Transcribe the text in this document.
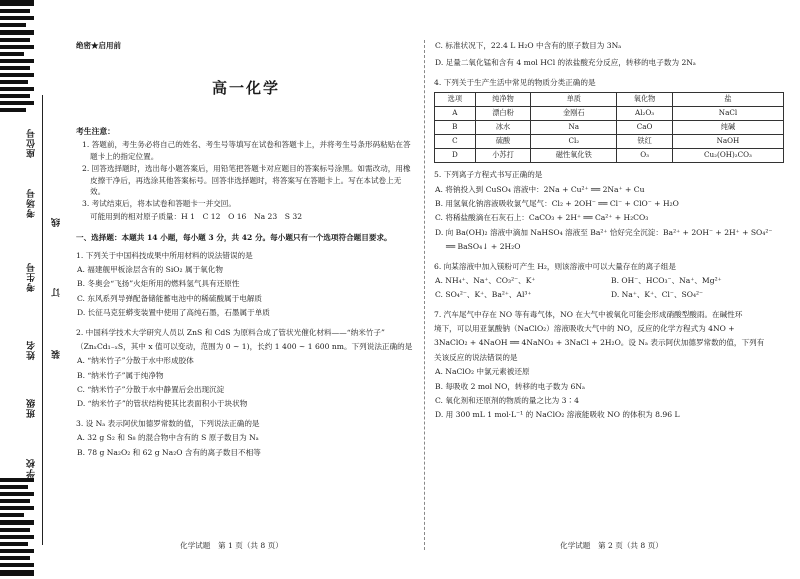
座位号
考场号
考生号
姓名
班级
学校
线
订
装
绝密★启用前
高一化学
考生注意：

1. 答题前，考生务必将自己的姓名、考生号等填写在试卷和答题卡上，并将考生号条形码粘贴在答题卡上的指定位置。

2. 回答选择题时，选出每小题答案后，用铅笔把答题卡对应题目的答案标号涂黑。如需改动，用橡皮擦干净后，再选涂其他答案标号。回答非选择题时，将答案写在答题卡上。写在本试卷上无效。

3. 考试结束后，将本试卷和答题卡一并交回。

可能用到的相对原子质量：H 1　C 12　O 16　Na 23　S 32

一、选择题：本题共 14 小题，每小题 3 分，共 42 分。每小题只有一个选项符合题目要求。
1. 下列关于中国科技成果中所用材料的说法错误的是
A. 福建舰甲板涂层含有的 SiO₂ 属于氧化物
B. 冬奥会“飞扬”火炬所用的燃料氢气具有还原性
C. 东风系列导弹配备储能蓄电池中的稀硫酸属于电解质
D. 长征马克狂蟒变装置中使用了高纯石墨，石墨属于单质
2. 中国科学技术大学研究人员以 ZnS 和 CdS 为原料合成了管状光催化材料——“纳米竹子”
（ZnₓCd₁₋ₓS，其中 x 值可以变动，范围为 0 ~ 1)，长约 1 400 ~ 1 600 nm。下列说法正确的是
A. “纳米竹子”分散于水中形成胶体
B. “纳米竹子”属于纯净物
C. “纳米竹子”分散于水中静置后会出现沉淀
D. “纳米竹子”的管状结构使其比表面积小于块状物
3. 设 Nₐ 表示阿伏加德罗常数的值，下列说法正确的是
A. 32 g S₂ 和 S₈ 的混合物中含有的 S 原子数目为 Nₐ
B. 78 g Na₂O₂ 和 62 g Na₂O 含有的离子数目不相等
化学试题　第 1 页（共 8 页）
C. 标准状况下，22.4 L H₂O 中含有的原子数目为 3Nₐ
D. 足量二氧化锰和含有 4 mol HCl 的浓盐酸充分反应，转移的电子数为 2Nₐ
4. 下列关于生产生活中常见的物质分类正确的是
选项	纯净物	单质	氧化物	盐
A	漂白粉	金刚石	Al₂O₃	NaCl
B	冰水	Na	CaO	纯碱
C	硫酸	Cl₂	铁红	NaOH
D	小苏打	磁性氧化铁	O₃	Cu₂(OH)₂CO₃
5. 下列离子方程式书写正确的是
A. 将钠投入到 CuSO₄ 溶液中：2Na + Cu²⁺ ══ 2Na⁺ + Cu
B. 用氢氧化钠溶液吸收氯气尾气：Cl₂ + 2OH⁻ ══ Cl⁻ + ClO⁻ + H₂O
C. 将稀盐酸滴在石灰石上：CaCO₃ + 2H⁺ ══ Ca²⁺ + H₂CO₃
D. 向 Ba(OH)₂ 溶液中滴加 NaHSO₄ 溶液至 Ba²⁺ 恰好完全沉淀：Ba²⁺ + 2OH⁻ + 2H⁺ + SO₄²⁻
══ BaSO₄↓ + 2H₂O
6. 向某溶液中加入镁粉可产生 H₂，则该溶液中可以大量存在的离子组是
A. NH₄⁺、Na⁺、CO₃²⁻、K⁺	B. OH⁻、HCO₃⁻、Na⁺、Mg²⁺
C. SO₄²⁻、K⁺、Ba²⁺、Al³⁺	D. Na⁺、K⁺、Cl⁻、SO₄²⁻
7. 汽车尾气中存在 NO 等有毒气体，NO 在大气中被氧化可能会形成硝酸型酸雨。在碱性环
境下，可以用亚氯酸钠（NaClO₂）溶液吸收大气中的 NO，反应的化学方程式为 4NO +
3NaClO₂ + 4NaOH ══ 4NaNO₃ + 3NaCl + 2H₂O。设 Nₐ 表示阿伏加德罗常数的值，下列有
关该反应的说法错误的是
A. NaClO₂ 中氯元素被还原
B. 每吸收 2 mol NO，转移的电子数为 6Nₐ
C. 氧化剂和还原剂的物质的量之比为 3∶4
D. 用 300 mL 1 mol·L⁻¹ 的 NaClO₂ 溶液能吸收 NO 的体积为 8.96 L
化学试题　第 2 页（共 8 页）
